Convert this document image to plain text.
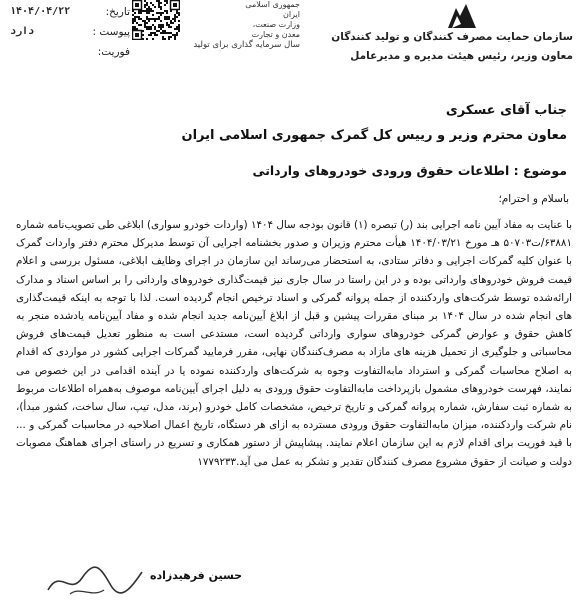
سازمان حمایت مصرف کنندگان و تولید کنندگان
معاون وزیر، رئیس هیئت مدیره و مدیرعامل
جمهوری اسلامی ایران
وزارت صنعت، معدن و تجارت
سال سرمایه گذاری برای تولید
تاریخ:
۱۴۰۴/۰۴/۲۲
پیوست :
دارد
فوریت:
جناب آقای عسکری
معاون محترم وزیر و رییس کل گمرک جمهوری اسلامی ایران
موضوع : اطلاعات حقوق ورودی خودروهای وارداتی
باسلام و احترام؛
با عنایت به مفاد آیین نامه اجرایی بند (ر) تبصره (۱) قانون بودجه سال ۱۴۰۴ (واردات خودرو سواری) ابلاغی طی تصویب‌نامه شماره ۶۳۸۸۱/ت۵۰۷۰۳ هـ مورخ ۱۴۰۴/۰۳/۲۱ هیأت محترم وزیران و صدور بخشنامه اجرایی آن توسط مدیرکل محترم دفتر واردات گمرک با عنوان کلیه گمرکات اجرایی و دفاتر ستادی، به استحضار می‌رساند این سازمان در اجرای وظایف ابلاغی، مسئول بررسی و اعلام قیمت فروش خودروهای وارداتی بوده و در این راستا در سال جاری نیز قیمت‌گذاری خودروهای وارداتی را بر اساس اسناد و مدارک ارائه‌شده توسط شرکت‌های واردکننده از جمله پروانه گمرکی و اسناد ترخیص انجام گردیده است. لذا با توجه به اینکه قیمت‌گذاری های انجام شده در سال ۱۴۰۴ بر مبنای مقررات پیشین و قبل از ابلاغ آیین‌نامه جدید انجام شده و مفاد آیین‌نامه یادشده منجر به کاهش حقوق و عوارض گمرکی خودروهای سواری وارداتی گردیده است، مستدعی است به منظور تعدیل قیمت‌های فروش محاسباتی و جلوگیری از تحمیل هزینه های مازاد به مصرف‌کنندگان نهایی، مقرر فرمایید گمرکات اجرایی کشور در مواردی که اقدام به اصلاح محاسبات گمرکی و استرداد مابه‌التفاوت وجوه به شرکت‌های واردکننده نموده یا در آینده اقدامی در این خصوص می نمایند، فهرست خودروهای مشمول بازپرداخت مابه‌التفاوت حقوق ورودی به دلیل اجرای آیین‌نامه موصوف به‌همراه اطلاعات مربوط به شماره ثبت سفارش، شماره پروانه گمرکی و تاریخ ترخیص، مشخصات کامل خودرو (برند، مدل، تیپ، سال ساخت، کشور مبدأ)، نام شرکت واردکننده، میزان مابه‌التفاوت حقوق ورودی مسترده به ازای هر دستگاه، تاریخ اعمال اصلاحیه در محاسبات گمرکی و ... با قید فوریت برای اقدام لازم به این سازمان اعلام نمایند. پیشاپیش از دستور همکاری و تسریع در راستای اجرای هماهنگ مصوبات دولت و صیانت از حقوق مشروع مصرف کنندگان تقدیر و تشکر به عمل می آید.۱۷۷۹۲۳۳
حسین فرهیدزاده
